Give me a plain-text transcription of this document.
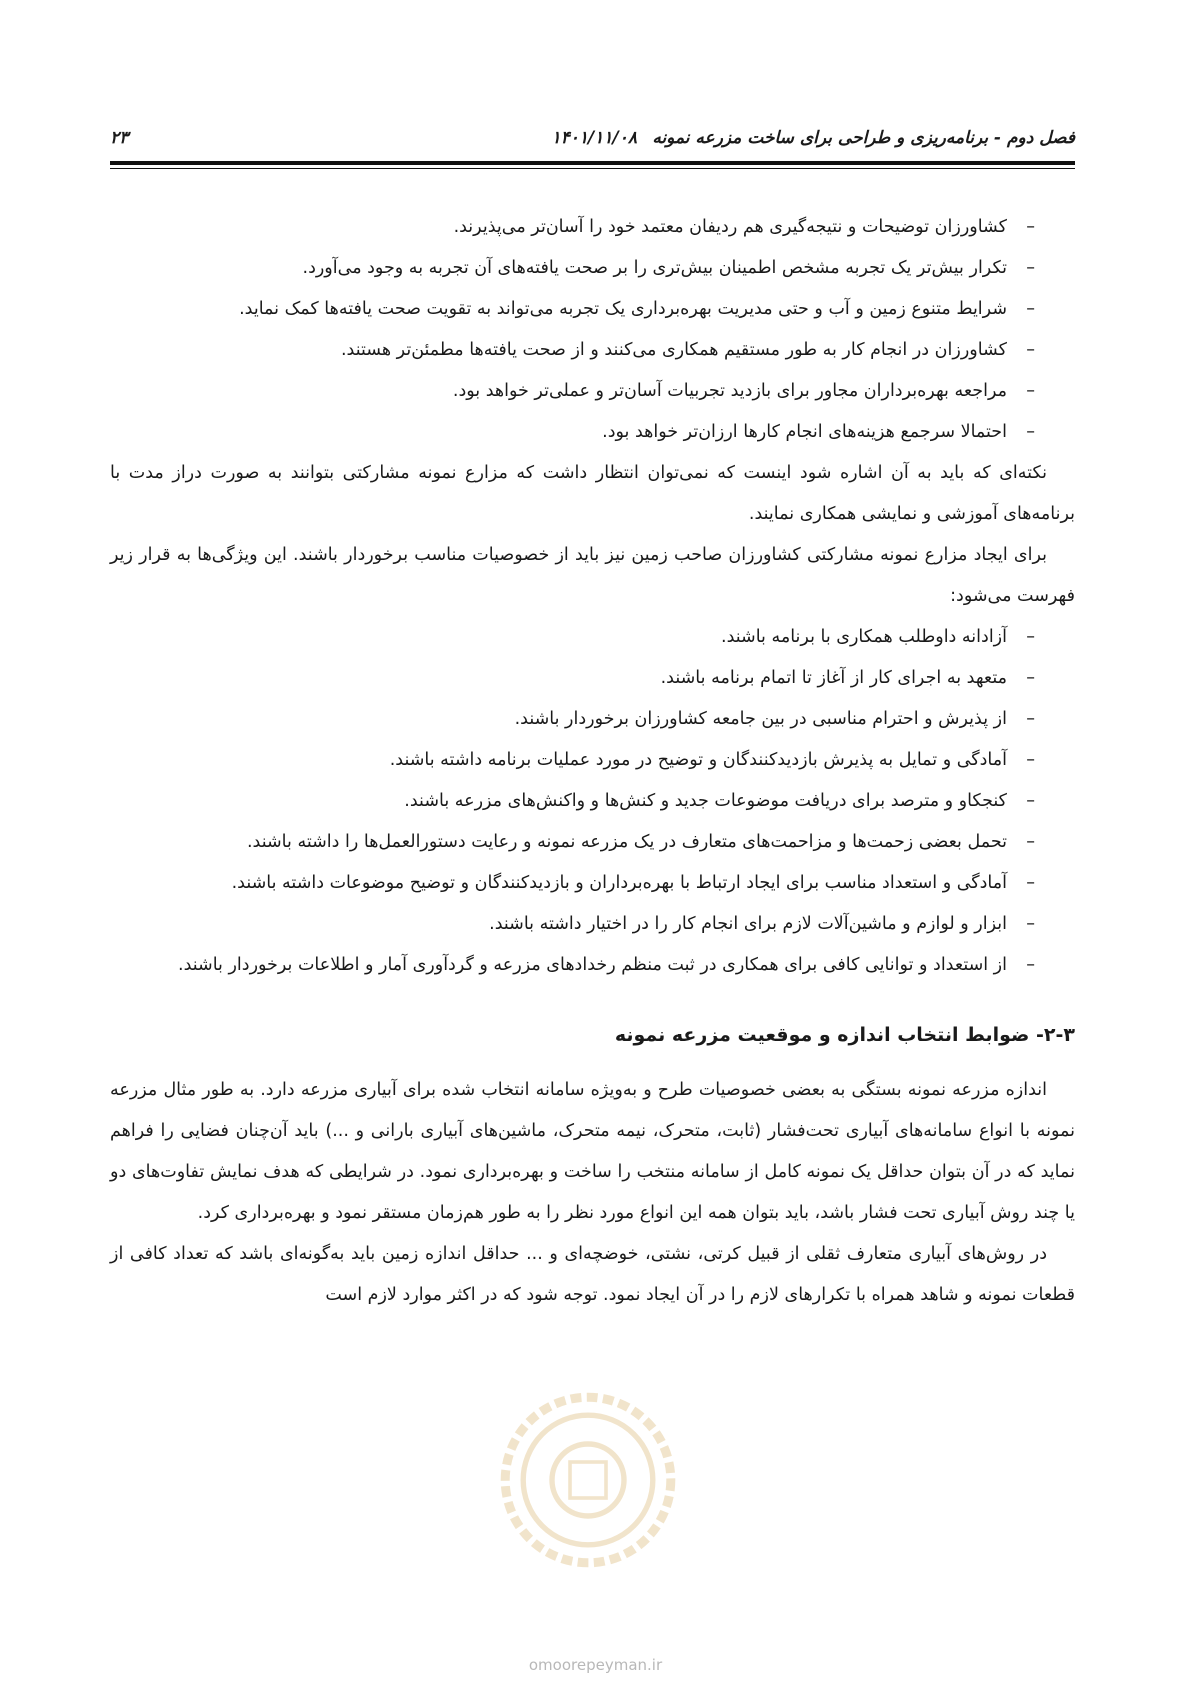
فصل دوم - برنامه‌ریزی و طراحی برای ساخت مزرعه نمونه
۱۴۰۱/۱۱/۰۸
۲۳
–
کشاورزان توضیحات و نتیجه‌گیری هم ردیفان معتمد خود را آسان‌تر می‌پذیرند.
–
تکرار بیش‌تر یک تجربه مشخص اطمینان بیش‌تری را بر صحت یافته‌های آن تجربه به وجود می‌آورد.
–
شرایط متنوع زمین و آب و حتی مدیریت بهره‌برداری یک تجربه می‌تواند به تقویت صحت یافته‌ها کمک نماید.
–
کشاورزان در انجام کار به طور مستقیم همکاری می‌کنند و از صحت یافته‌ها مطمئن‌تر هستند.
–
مراجعه بهره‌برداران مجاور برای بازدید تجربیات آسان‌تر و عملی‌تر خواهد بود.
–
احتمالا سرجمع هزینه‌های انجام کارها ارزان‌تر خواهد بود.

نکته‌ای که باید به آن اشاره شود اینست که نمی‌توان انتظار داشت که مزارع نمونه مشارکتی بتوانند به صورت دراز مدت با برنامه‌های آموزشی و نمایشی همکاری نمایند.

برای ایجاد مزارع نمونه مشارکتی کشاورزان صاحب زمین نیز باید از خصوصیات مناسب برخوردار باشند. این ویژگی‌ها به قرار زیر فهرست می‌شود:

–
آزادانه داوطلب همکاری با برنامه باشند.
–
متعهد به اجرای کار از آغاز تا اتمام برنامه باشند.
–
از پذیرش و احترام مناسبی در بین جامعه کشاورزان برخوردار باشند.
–
آمادگی و تمایل به پذیرش بازدیدکنندگان و توضیح در مورد عملیات برنامه داشته باشند.
–
کنجکاو و مترصد برای دریافت موضوعات جدید و کنش‌ها و واکنش‌های مزرعه باشند.
–
تحمل بعضی زحمت‌ها و مزاحمت‌های متعارف در یک مزرعه نمونه و رعایت دستورالعمل‌ها را داشته باشند.
–
آمادگی و استعداد مناسب برای ایجاد ارتباط با بهره‌برداران و بازدیدکنندگان و توضیح موضوعات داشته باشند.
–
ابزار و لوازم و ماشین‌آلات لازم برای انجام کار را در اختیار داشته باشند.
–
از استعداد و توانایی کافی برای همکاری در ثبت منظم رخدادهای مزرعه و گردآوری آمار و اطلاعات برخوردار باشند.
۲-۳- ضوابط انتخاب اندازه و موقعیت مزرعه نمونه

اندازه مزرعه نمونه بستگی به بعضی خصوصیات طرح و به‌ویژه سامانه انتخاب شده برای آبیاری مزرعه دارد. به طور مثال مزرعه نمونه با انواع سامانه‌های آبیاری تحت‌فشار (ثابت، متحرک، نیمه متحرک، ماشین‌های آبیاری بارانی و ...) باید آن‌چنان فضایی را فراهم نماید که در آن بتوان حداقل یک نمونه کامل از سامانه منتخب را ساخت و بهره‌برداری نمود. در شرایطی که هدف نمایش تفاوت‌های دو یا چند روش آبیاری تحت فشار باشد، باید بتوان همه این انواع مورد نظر را به طور هم‌زمان مستقر نمود و بهره‌برداری کرد.

در روش‌های آبیاری متعارف ثقلی از قبیل کرتی، نشتی، خوضچه‌ای و ... حداقل اندازه زمین باید به‌گونه‌ای باشد که تعداد کافی از قطعات نمونه و شاهد همراه با تکرارهای لازم را در آن ایجاد نمود. توجه شود که در اکثر موارد لازم است

omoorepeyman.ir
